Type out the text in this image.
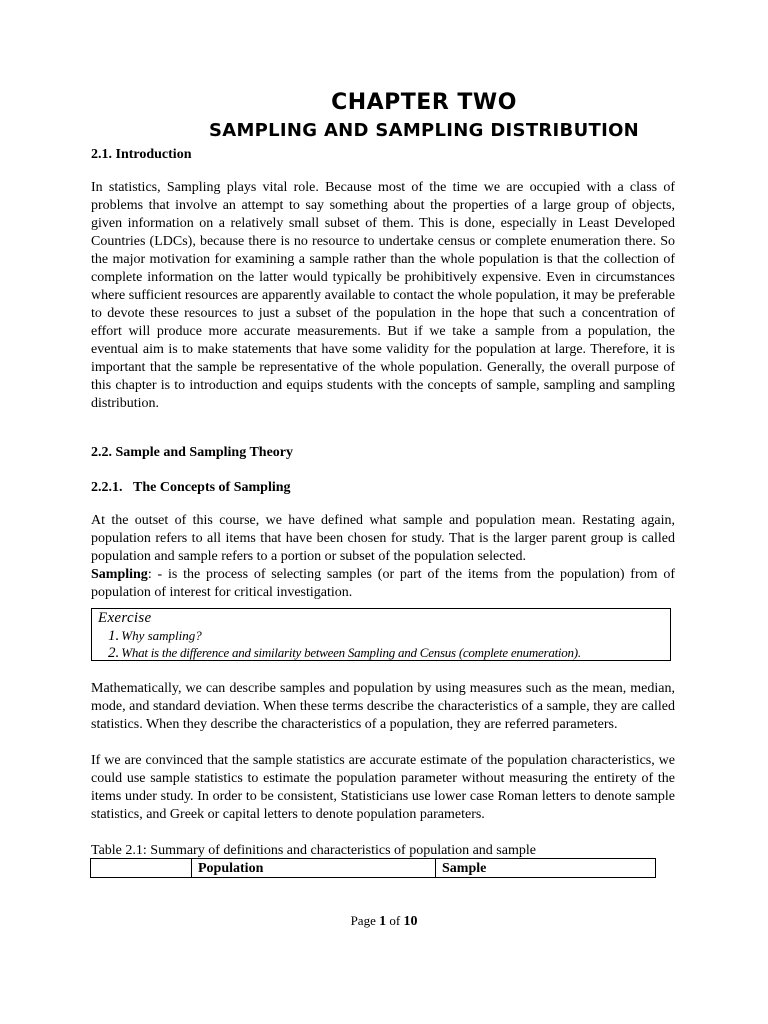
CHAPTER TWO
SAMPLING AND SAMPLING DISTRIBUTION
2.1. Introduction
In statistics, Sampling plays vital role. Because most of the time we are occupied with a class of problems that involve an attempt to say something about the properties of a large group of objects, given information on a relatively small subset of them. This is done, especially in Least Developed Countries (LDCs), because there is no resource to undertake census or complete enumeration there. So the major motivation for examining a sample rather than the whole population is that the collection of complete information on the latter would typically be prohibitively expensive. Even in circumstances where sufficient resources are apparently available to contact the whole population, it may be preferable to devote these resources to just a subset of the population in the hope that such a concentration of effort will produce more accurate measurements. But if we take a sample from a population, the eventual aim is to make statements that have some validity for the population at large. Therefore, it is important that the sample be representative of the whole population. Generally, the overall purpose of this chapter is to introduction and equips students with the concepts of sample, sampling and sampling distribution.
2.2. Sample and Sampling Theory
2.2.1. The Concepts of Sampling
At the outset of this course, we have defined what sample and population mean. Restating again, population refers to all items that have been chosen for study. That is the larger parent group is called population and sample refers to a portion or subset of the population selected.
Sampling: - is the process of selecting samples (or part of the items from the population) from of population of interest for critical investigation.
Exercise
1. Why sampling?
2. What is the difference and similarity between Sampling and Census (complete enumeration).
Mathematically, we can describe samples and population by using measures such as the mean, median, mode, and standard deviation. When these terms describe the characteristics of a sample, they are called statistics. When they describe the characteristics of a population, they are referred parameters.
If we are convinced that the sample statistics are accurate estimate of the population characteristics, we could use sample statistics to estimate the population parameter without measuring the entirety of the items under study. In order to be consistent, Statisticians use lower case Roman letters to denote sample statistics, and Greek or capital letters to denote population parameters.
Table 2.1: Summary of definitions and characteristics of population and sample
	Population	Sample
Page 1 of 10
